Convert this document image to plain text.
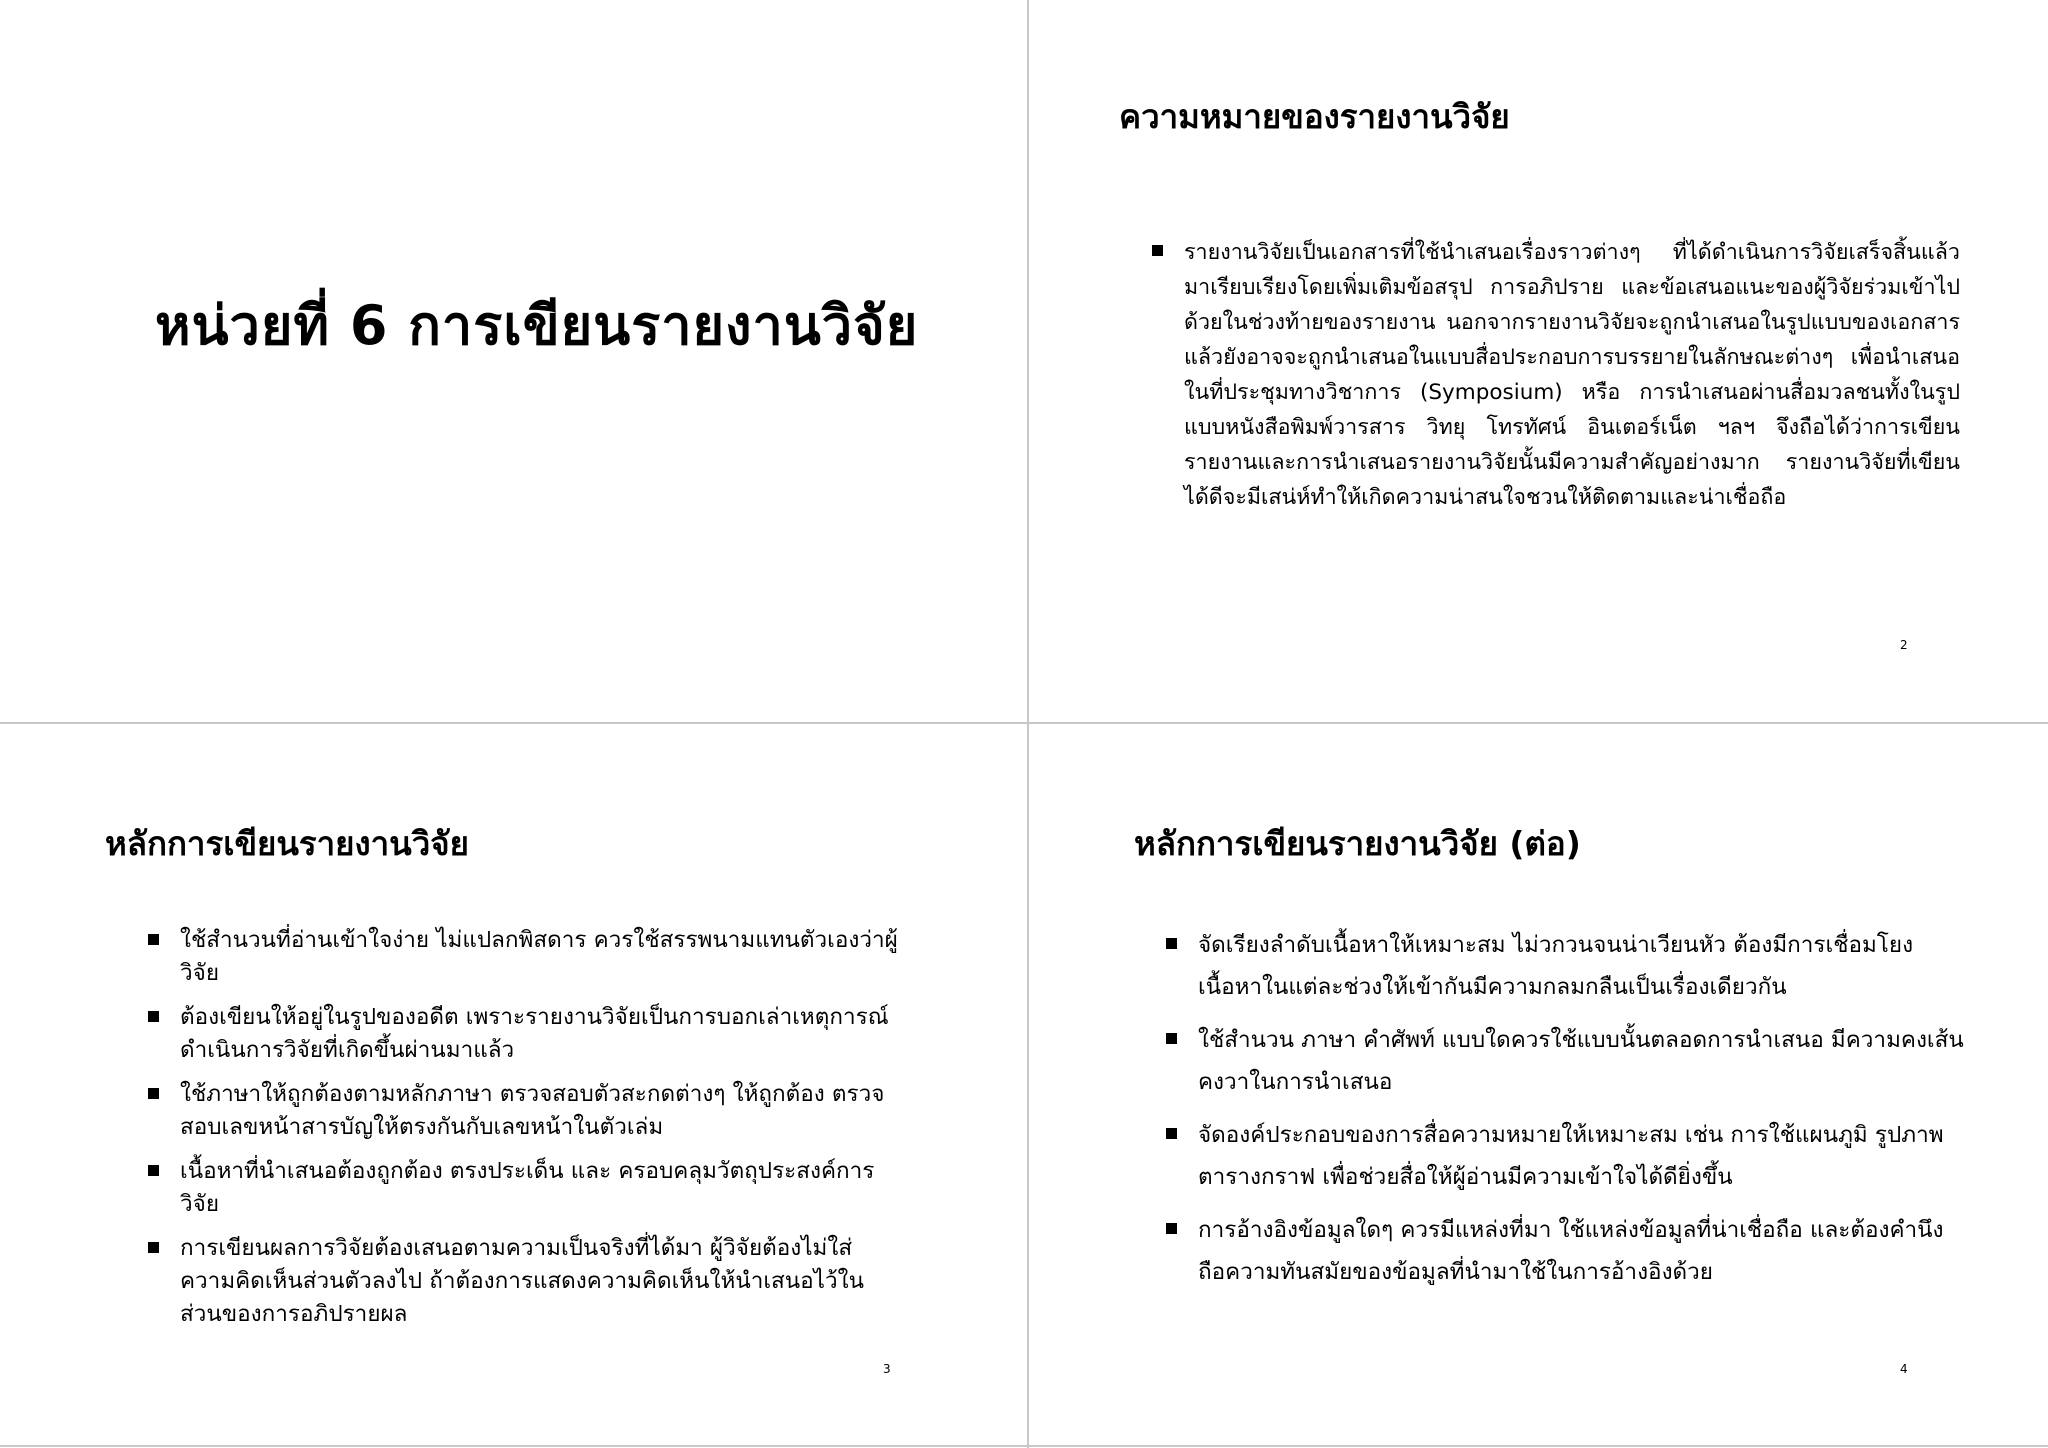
หน่วยที่ 6 การเขียนรายงานวิจัย
ความหมายของรายงานวิจัย
รายงานวิจัยเป็นเอกสารที่ใช้นำเสนอเรื่องราวต่างๆ ที่ได้ดำเนินการวิจัยเสร็จสิ้นแล้วมาเรียบเรียงโดยเพิ่มเติมข้อสรุป การอภิปราย และข้อเสนอแนะของผู้วิจัยร่วมเข้าไปด้วยในช่วงท้ายของรายงาน นอกจากรายงานวิจัยจะถูกนำเสนอในรูปแบบของเอกสารแล้วยังอาจจะถูกนำเสนอในแบบสื่อประกอบการบรรยายในลักษณะต่างๆ เพื่อนำเสนอในที่ประชุมทางวิชาการ (Symposium) หรือ การนำเสนอผ่านสื่อมวลชนทั้งในรูปแบบหนังสือพิมพ์วารสาร วิทยุ โทรทัศน์ อินเตอร์เน็ต ฯลฯ จึงถือได้ว่าการเขียนรายงานและการนำเสนอรายงานวิจัยนั้นมีความสำคัญอย่างมาก รายงานวิจัยที่เขียนได้ดีจะมีเสน่ห์ทำให้เกิดความน่าสนใจชวนให้ติดตามและน่าเชื่อถือ
2
หลักการเขียนรายงานวิจัย
ใช้สำนวนที่อ่านเข้าใจง่าย ไม่แปลกพิสดาร ควรใช้สรรพนามแทนตัวเองว่าผู้วิจัย
ต้องเขียนให้อยู่ในรูปของอดีต เพราะรายงานวิจัยเป็นการบอกเล่าเหตุการณ์ดำเนินการวิจัยที่เกิดขึ้นผ่านมาแล้ว
ใช้ภาษาให้ถูกต้องตามหลักภาษา ตรวจสอบตัวสะกดต่างๆ ให้ถูกต้อง ตรวจสอบเลขหน้าสารบัญให้ตรงกันกับเลขหน้าในตัวเล่ม
เนื้อหาที่นำเสนอต้องถูกต้อง ตรงประเด็น และ ครอบคลุมวัตถุประสงค์การวิจัย
การเขียนผลการวิจัยต้องเสนอตามความเป็นจริงที่ได้มา ผู้วิจัยต้องไม่ใส่ความคิดเห็นส่วนตัวลงไป ถ้าต้องการแสดงความคิดเห็นให้นำเสนอไว้ในส่วนของการอภิปรายผล
3
หลักการเขียนรายงานวิจัย (ต่อ)
จัดเรียงลำดับเนื้อหาให้เหมาะสม ไม่วกวนจนน่าเวียนหัว ต้องมีการเชื่อมโยงเนื้อหาในแต่ละช่วงให้เข้ากันมีความกลมกลืนเป็นเรื่องเดียวกัน
ใช้สำนวน ภาษา คำศัพท์ แบบใดควรใช้แบบนั้นตลอดการนำเสนอ มีความคงเส้นคงวาในการนำเสนอ
จัดองค์ประกอบของการสื่อความหมายให้เหมาะสม เช่น การใช้แผนภูมิ รูปภาพ ตารางกราฟ เพื่อช่วยสื่อให้ผู้อ่านมีความเข้าใจได้ดียิ่งขึ้น
การอ้างอิงข้อมูลใดๆ ควรมีแหล่งที่มา ใช้แหล่งข้อมูลที่น่าเชื่อถือ และต้องคำนึงถือความทันสมัยของข้อมูลที่นำมาใช้ในการอ้างอิงด้วย
4
